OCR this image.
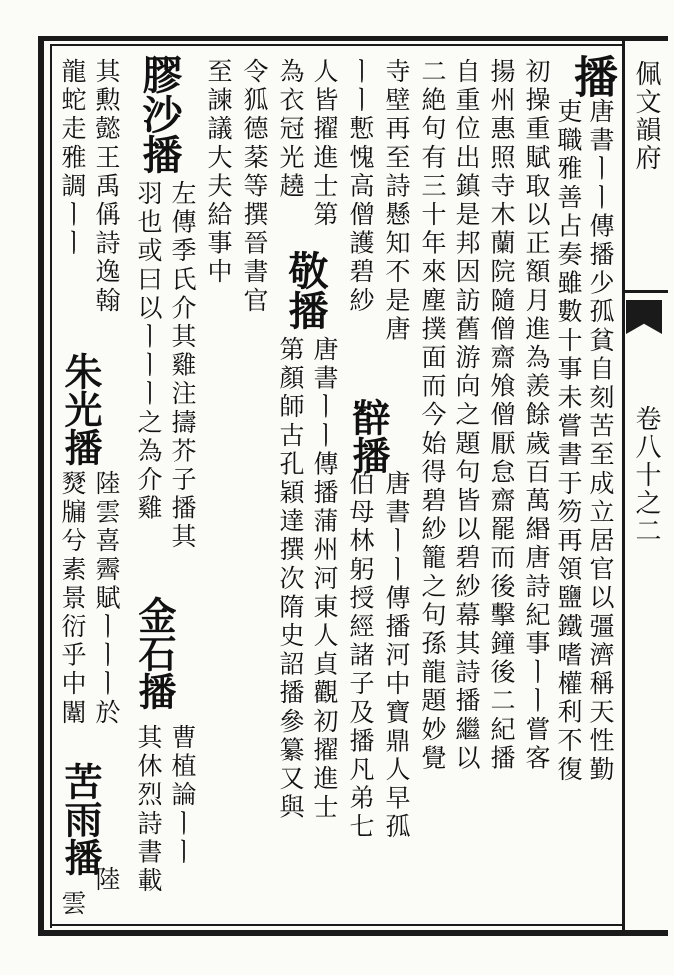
佩文韻府
卷八十之二
播
唐書ㅣㅣ傳播少孤貧自刻苦至成立居官以彊濟稱天性勤
吏職雅善占奏雖數十事未嘗書于笏再領鹽鐵嗜權利不復
初操重賦取以正額月進為羨餘歲百萬緡唐詩紀事ㅣㅣ嘗客
揚州惠照寺木蘭院隨僧齋飧僧厭怠齋罷而後擊鐘後二紀播
自重位出鎮是邦因訪舊游向之題句皆以碧紗幕其詩播繼以
二絶句有三十年來塵撲面而今始得碧紗籠之句孫龍題妙覺
寺壁再至詩懸知不是唐
辥播
唐書ㅣㅣ傳播河中寶鼎人早孤
伯母林躬授經諸子及播凡弟七
ㅣㅣ慙愧高僧護碧紗
人皆擢進士第
敬播
唐書ㅣㅣ傳播蒲州河東人貞觀初擢進士
第顏師古孔穎達撰次隋史詔播參纂又與
為衣冠光趬
令狐德棻等撰晉書官
至諫議大夫給事中
膠沙播
左傳季氏介其雞注擣芥子播其
羽也或曰以ㅣㅣㅣ之為介雞
金石播
曹植論ㅣㅣ
其休烈詩書載
其勲懿王禹偁詩逸翰
龍蛇走雅調ㅣㅣ
朱光播
陸雲喜霽賦ㅣㅣㅣ於
燹牖兮素景衍乎中闈
苦雨播
陸
雲
